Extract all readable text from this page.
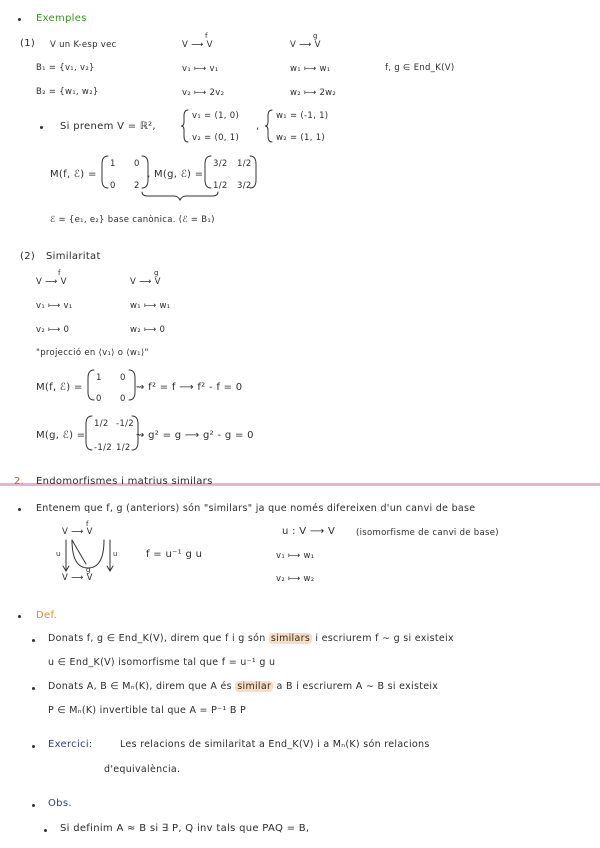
Exemples
(1) V un K-esp vec	V ⟶ V
f
V ⟶ V
g
B₁ = {v₁, v₂}	v₁ ⟼ v₁	w₁ ⟼ w₁	f, g ∈ End_K(V)
B₂ = {w₁, w₂}	v₂ ⟼ 2v₂	w₂ ⟼ 2w₂
Si prenem V = ℝ²,
v₁ = (1, 0)
v₂ = (0, 1)
,
w₁ = (-1, 1)
w₂ = (1, 1)
M(f, ℰ) =
1 0
0 2
, M(g, ℰ) =
3/2 1/2
1/2 3/2
ℰ = {e₁, e₂} base canònica. (ℰ = B₁)
(2) Similaritat
V ⟶ V
f
V ⟶ V
g
v₁ ⟼ v₁	w₁ ⟼ w₁
v₂ ⟼ 0	w₂ ⟼ 0
"projecció en ⟨v₁⟩ o ⟨w₁⟩"
M(f, ℰ) =
1 0
0 0
⇝ f² = f ⟶ f² - f = 0
M(g, ℰ) =
1/2 -1/2
-1/2 1/2
⇝ g² = g ⟶ g² - g = 0
2. Endomorfismes i matrius similars
Entenem que f, g (anteriors) són "similars" ja que només difereixen d'un canvi de base
V ⟶ V
f
V ⟶ V
g
u	u	f = u⁻¹ g u
u : V ⟶ V (isomorfisme de canvi de base)
v₁ ⟼ w₁
v₂ ⟼ w₂
Def.
Donats f, g ∈ End_K(V), direm que f i g són similars i escriurem f ∼ g si existeix
u ∈ End_K(V) isomorfisme tal que f = u⁻¹ g u
Donats A, B ∈ Mₙ(K), direm que A és similar a B i escriurem A ∼ B si existeix
P ∈ Mₙ(K) invertible tal que A = P⁻¹ B P
Exercici:	Les relacions de similaritat a End_K(V) i a Mₙ(K) són relacions
d'equivalència.
Obs.
Si definim A ≈ B si ∃ P, Q inv tals que PAQ = B,
